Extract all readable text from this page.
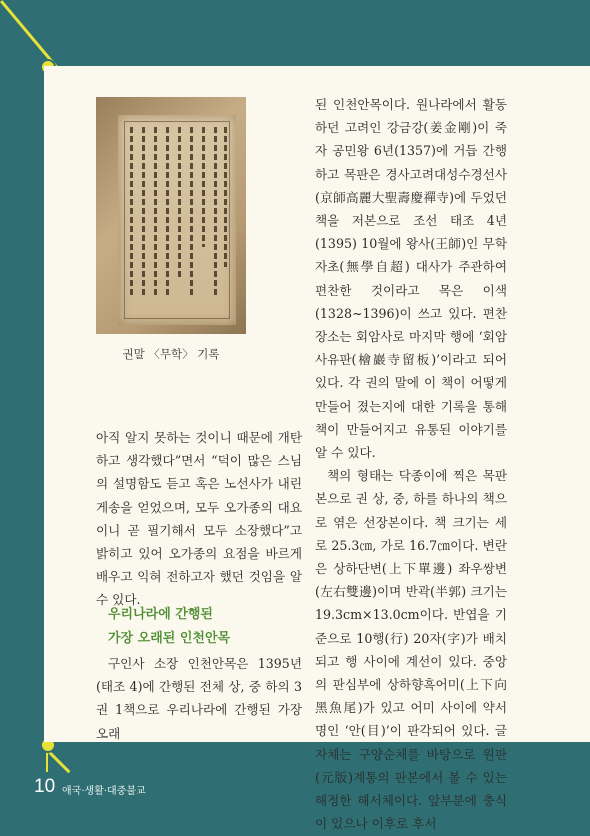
권말 〈무학〉 기록

아직 알지 못하는 것이니 때문에 개탄하고 생각했다”면서 “덕이 많은 스님의 설명함도 듣고 혹은 노선사가 내린 게송을 얻었으며, 모두 오가종의 대요이니 곧 필기해서 모두 소장했다”고 밝히고 있어 오가종의 요점을 바르게 배우고 익혀 전하고자 했던 것임을 알 수 있다.

우리나라에 간행된
가장 오래된 인천안목

구인사 소장 인천안목은 1395년(태조 4)에 간행된 전체 상, 중 하의 3권 1책으로 우리나라에 간행된 가장 오래

된 인천안목이다. 원나라에서 활동하던 고려인 강금강(姜金剛)이 죽자 공민왕 6년(1357)에 거듭 간행하고 목판은 경사고려대성수경선사(京師高麗大聖壽慶禪寺)에 두었던 책을 저본으로 조선 태조 4년(1395) 10월에 왕사(王師)인 무학자초(無學自超) 대사가 주관하여 편찬한 것이라고 목은 이색(1328~1396)이 쓰고 있다. 편찬 장소는 회암사로 마지막 행에 ‘회암사유판(檜巖寺留板)’이라고 되어 있다. 각 권의 말에 이 책이 어떻게 만들어 졌는지에 대한 기록을 통해 책이 만들어지고 유통된 이야기를 알 수 있다.

책의 형태는 닥종이에 찍은 목판본으로 권 상, 중, 하를 하나의 책으로 엮은 선장본이다. 책 크기는 세로 25.3㎝, 가로 16.7㎝이다. 변란은 상하단변(上下單邊) 좌우쌍변(左右雙邊)이며 반곽(半郭) 크기는 19.3cm×13.0cm이다. 반엽을 기준으로 10행(行) 20자(字)가 배치되고 행 사이에 계선이 있다. 중앙의 판심부에 상하향흑어미(上下向黑魚尾)가 있고 어미 사이에 약서명인 ‘안(目)’이 판각되어 있다. 글자체는 구양순체를 바탕으로 원판(元版)계통의 판본에서 볼 수 있는 해정한 해서체이다. 앞부분에 충식이 있으나 이후로 후서

10 애국·생활·대중불교
